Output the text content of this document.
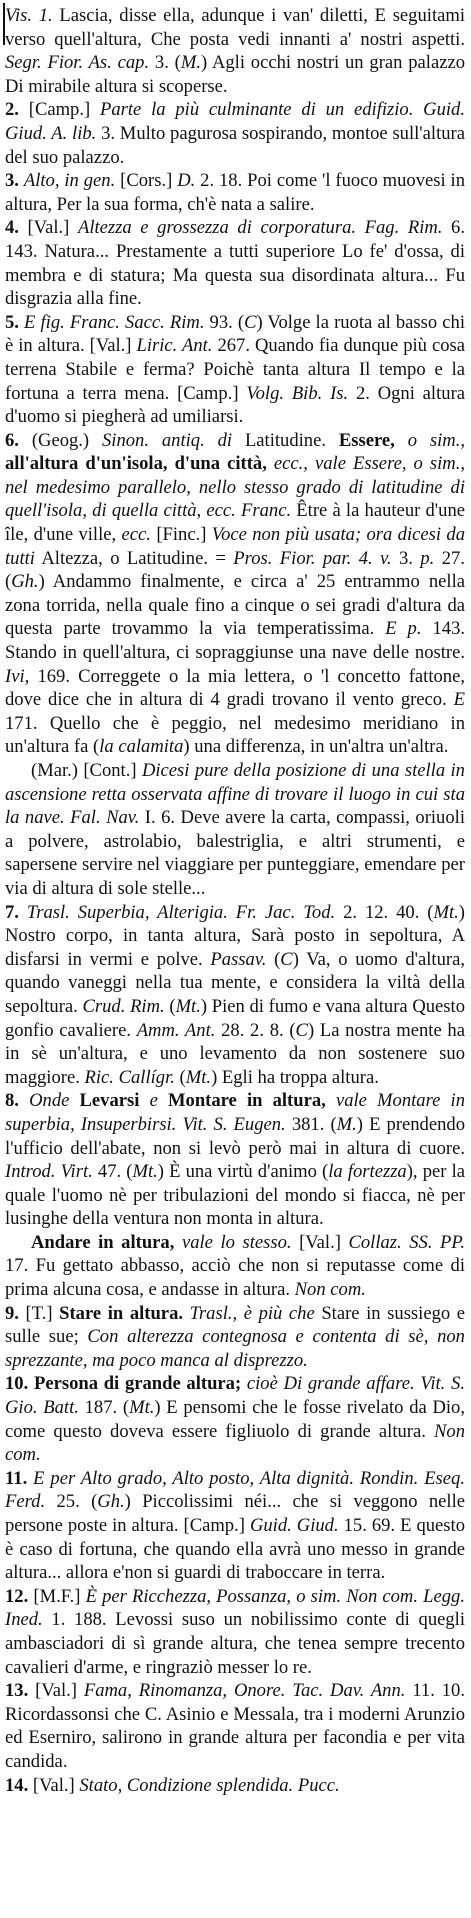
Vis. 1. Lascia, disse ella, adunque i van' diletti, E seguitami verso quell'altura, Che posta vedi innanti a' nostri aspetti. Segr. Fior. As. cap. 3. (M.) Agli occhi nostri un gran palazzo Di mirabile altura si scoperse.

2. [Camp.] Parte la più culminante di un edifizio. Guid. Giud. A. lib. 3. Multo pagurosa sospirando, montoe sull'altura del suo palazzo.

3. Alto, in gen. [Cors.] D. 2. 18. Poi come 'l fuoco muovesi in altura, Per la sua forma, ch'è nata a salire.

4. [Val.] Altezza e grossezza di corporatura. Fag. Rim. 6. 143. Natura... Prestamente a tutti superiore Lo fe' d'ossa, di membra e di statura; Ma questa sua disordinata altura... Fu disgrazia alla fine.

5. E fig. Franc. Sacc. Rim. 93. (C) Volge la ruota al basso chi è in altura. [Val.] Liric. Ant. 267. Quando fia dunque più cosa terrena Stabile e ferma? Poichè tanta altura Il tempo e la fortuna a terra mena. [Camp.] Volg. Bib. Is. 2. Ogni altura d'uomo si piegherà ad umiliarsi.

6. (Geog.) Sinon. antiq. di Latitudine. Essere, o sim., all'altura d'un'isola, d'una città, ecc., vale Essere, o sim., nel medesimo parallelo, nello stesso grado di latitudine di quell'isola, di quella città, ecc. Franc. Être à la hauteur d'une île, d'une ville, ecc. [Finc.] Voce non più usata; ora dicesi da tutti Altezza, o Latitudine. = Pros. Fior. par. 4. v. 3. p. 27. (Gh.) Andammo finalmente, e circa a' 25 entrammo nella zona torrida, nella quale fino a cinque o sei gradi d'altura da questa parte trovammo la via temperatissima. E p. 143. Stando in quell'altura, ci sopraggiunse una nave delle nostre. Ivi, 169. Correggete o la mia lettera, o 'l concetto fattone, dove dice che in altura di 4 gradi trovano il vento greco. E 171. Quello che è peggio, nel medesimo meridiano in un'altura fa (la calamita) una differenza, in un'altra un'altra.

(Mar.) [Cont.] Dicesi pure della posizione di una stella in ascensione retta osservata affine di trovare il luogo in cui sta la nave. Fal. Nav. I. 6. Deve avere la carta, compassi, oriuoli a polvere, astrolabio, balestriglia, e altri strumenti, e sapersene servire nel viaggiare per punteggiare, emendare per via di altura di sole stelle...

7. Trasl. Superbia, Alterigia. Fr. Jac. Tod. 2. 12. 40. (Mt.) Nostro corpo, in tanta altura, Sarà posto in sepoltura, A disfarsi in vermi e polve. Passav. (C) Va, o uomo d'altura, quando vaneggi nella tua mente, e considera la viltà della sepoltura. Crud. Rim. (Mt.) Pien di fumo e vana altura Questo gonfio cavaliere. Amm. Ant. 28. 2. 8. (C) La nostra mente ha in sè un'altura, e uno levamento da non sostenere suo maggiore. Ric. Callígr. (Mt.) Egli ha troppa altura.

8. Onde Levarsi e Montare in altura, vale Montare in superbia, Insuperbirsi. Vit. S. Eugen. 381. (M.) E prendendo l'ufficio dell'abate, non si levò però mai in altura di cuore. Introd. Virt. 47. (Mt.) È una virtù d'animo (la fortezza), per la quale l'uomo nè per tribulazioni del mondo si fiacca, nè per lusinghe della ventura non monta in altura.

Andare in altura, vale lo stesso. [Val.] Collaz. SS. PP. 17. Fu gettato abbasso, acciò che non si reputasse come di prima alcuna cosa, e andasse in altura. Non com.

9. [T.] Stare in altura. Trasl., è più che Stare in sussiego e sulle sue; Con alterezza contegnosa e contenta di sè, non sprezzante, ma poco manca al disprezzo.

10. Persona di grande altura; cioè Di grande affare. Vit. S. Gio. Batt. 187. (Mt.) E pensomi che le fosse rivelato da Dio, come questo doveva essere figliuolo di grande altura. Non com.

11. E per Alto grado, Alto posto, Alta dignità. Rondin. Eseq. Ferd. 25. (Gh.) Piccolissimi néi... che si veggono nelle persone poste in altura. [Camp.] Guid. Giud. 15. 69. E questo è caso di fortuna, che quando ella avrà uno messo in grande altura... allora e'non si guardi di traboccare in terra.

12. [M.F.] È per Ricchezza, Possanza, o sim. Non com. Legg. Ined. 1. 188. Levossi suso un nobilissimo conte di quegli ambasciadori di sì grande altura, che tenea sempre trecento cavalieri d'arme, e ringraziò messer lo re.

13. [Val.] Fama, Rinomanza, Onore. Tac. Dav. Ann. 11. 10. Ricordassonsi che C. Asinio e Messala, tra i moderni Arunzio ed Eserniro, salirono in grande altura per facondia e per vita candida.

14. [Val.] Stato, Condizione splendida. Pucc.
